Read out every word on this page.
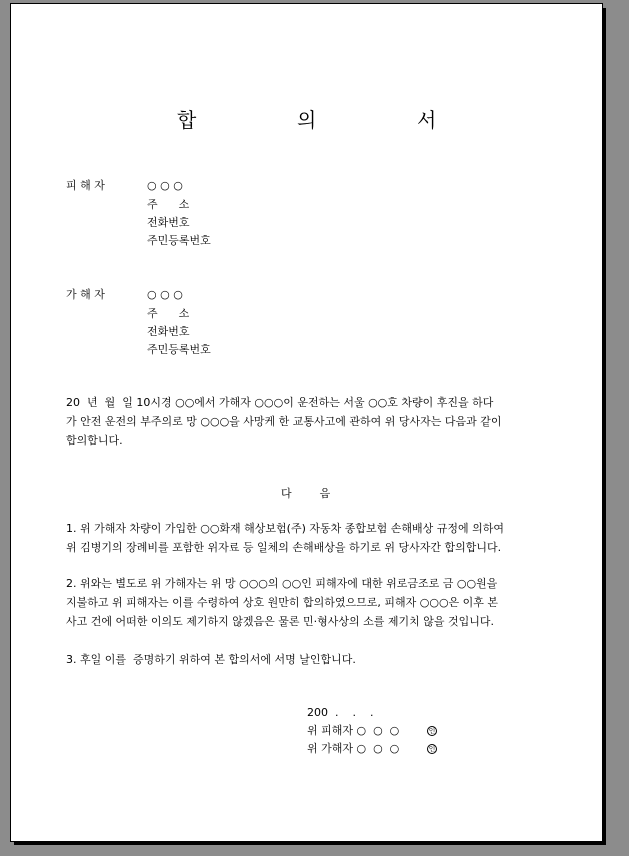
합	의	서
피 해 자	○ ○ ○
주      소
전화번호
주민등록번호
가 해 자	○ ○ ○
주      소
전화번호
주민등록번호
20  년  월  일 10시경 ○○에서 가해자 ○○○이 운전하는 서울 ○○호 차량이 후진을 하다
가 안전 운전의 부주의로 망 ○○○을 사망케 한 교통사고에 관하여 위 당사자는 다음과 같이
합의합니다.
다        음
1. 위 가해자 차량이 가입한 ○○화재 해상보험(주) 자동차 종합보험 손해배상 규정에 의하여
위 김병기의 장례비를 포함한 위자료 등 일체의 손해배상을 하기로 위 당사자간 합의합니다.
2. 위와는 별도로 위 가해자는 위 망 ○○○의 ○○인 피해자에 대한 위로금조로 금 ○○원을
지불하고 위 피해자는 이를 수령하여 상호 원만히 합의하였으므로, 피해자 ○○○은 이후 본
사고 건에 어떠한 이의도 제기하지 않겠음은 물론 민·형사상의 소를 제기치 않을 것입니다.
3. 후일 이를  증명하기 위하여 본 합의서에 서명 날인합니다.
200  .    .    .
위 피해자 ○  ○  ○	인
위 가해자 ○  ○  ○	인
